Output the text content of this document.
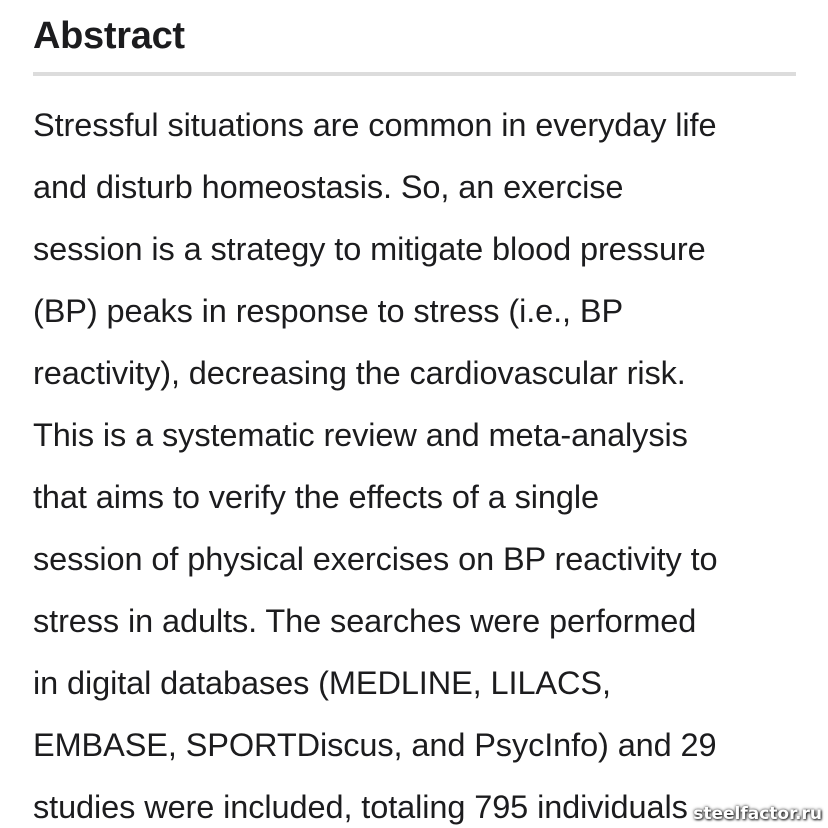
Abstract
Stressful situations are common in everyday life
and disturb homeostasis. So, an exercise
session is a strategy to mitigate blood pressure
(BP) peaks in response to stress (i.e., BP
reactivity), decreasing the cardiovascular risk.
This is a systematic review and meta-analysis
that aims to verify the effects of a single
session of physical exercises on BP reactivity to
stress in adults. The searches were performed
in digital databases (MEDLINE, LILACS,
EMBASE, SPORTDiscus, and PsycInfo) and 29
studies were included, totaling 795 individuals steelfactor.ru
